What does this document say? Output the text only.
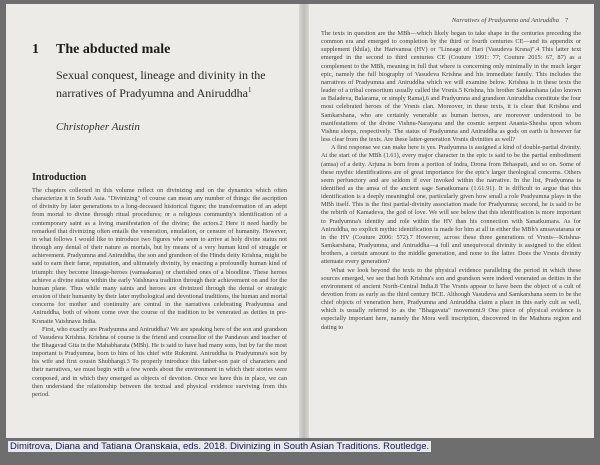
1 The abducted male

Sexual conquest, lineage and divinity in the narratives of Pradyumna and Aniruddha$^1$

Christopher Austin

Introduction

The chapters collected in this volume reflect on divinizing and on the dynamics which often characterize it in South Asia. "Divinizing" of course can mean any number of things: the ascription of divinity by later generations to a long-deceased historical figure; the transformation of an adept from mortal to divine through ritual procedures; or a religious community's identification of a contemporary saint as a living manifestation of the divine; the actors.2 Here it need hardly be remarked that divinizing often entails the veneration, emulation, or censure of humanity. However, in what follows I would like to introduce two figures who seem to arrive at holy divine status not through any denial of their nature as mortals, but by means of a very human kind of struggle or achievement. Pradyumna and Aniruddha, the son and grandson of the Hindu deity Krishna, might be said to earn their fame, reputation, and ultimately divinity, by enacting a profoundly human kind of triumph: they become lineage-heroes (vamsakaras) or cherished ones of a bloodline. These heroes achieve a divine status within the early Vaishnava tradition through their achievement on and for the human plane. Thus while many saints and heroes are divinized through the denial or strategic erosion of their humanity by their later mythological and devotional traditions, the human and mortal concerns for mother and continuity are central in the narratives celebrating Pradyumna and Aniruddha, both of whom come over the course of the tradition to be venerated as deities in pre-Krsnaite Vaishnava India.

First, who exactly are Pradyumna and Aniruddha? We are speaking here of the son and grandson of Vasudeva Krishna. Krishna of course is the friend and counsellor of the Pandavas and teacher of the Bhagavad Gita in the Mahabharata (MBh). He is said to have had many sons, but by far the most important is Pradyumna, born to him of his chief wife Rukmini. Aniruddha is Pradyumna's son by his wife and first cousin Shubhangi.3 To properly introduce this father-son pair of characters and their narratives, we must begin with a few words about the environment in which their stories were composed, and in which they emerged as objects of devotion. Once we have this in place, we can then understand the relationship between the textual and physical evidence surviving from this period.

Narratives of Pradyumna and Aniruddha 7

The texts in question are the MBh—which likely began to take shape in the centuries preceding the common era and emerged to completion by the third or fourth centuries CE—and its appendix or supplement (khila), the Harivamsa (HV) or "Lineage of Hari (Vasudeva Krsna)".4 This latter text emerged in the second to third centuries CE (Couture 1991: 77; Couture 2015: 67, 87) as a complement to the MBh, meaning in full that where is concerning only minimally in the much larger epic, namely the full biography of Vasudeva Krishna and his immediate family. This includes the narratives of Pradyumna and Aniruddha which we will examine below. Krishna is in these texts the leader of a tribal consortium usually called the Vrsnis.5 Krishna, his brother Sankarshana (also known as Baladeva, Balarama, or simply Rama),6 and Pradyumna and grandson Aniruddha constitute the four most celebrated heroes of the Vrsnis clan. Moreover, in these texts, it is clear that Krishna and Samkarshana, who are certainly venerable as human heroes, are moreover understood to be manifestations of the divine Vishnu-Narayana and the cosmic serpent Ananta-Shesha upon whom Vishnu sleeps, respectively. The status of Pradyumna and Aniruddha as gods on earth is however far less clear from the texts. Are these latter-generation Vrsnis divinities as well?

A first response we can make here is yes. Pradyumna is assigned a kind of double-partial divinity. At the start of the MBh (1.61), every major character in the epic is said to be the partial embodiment (amsa) of a deity. Arjuna is born from a portion of Indra, Drona from Brhaspati, and so on. Some of these mythic identifications are of great importance for the epic's larger theological concerns. Others seem perfunctory and are seldom if ever invoked within the narrative. In the list, Pradyumna is identified as the amsa of the ancient sage Sanatkumara (1.61.91). It is difficult to argue that this identification is a deeply meaningful one, particularly given how small a role Pradyumna plays in the MBh itself. This is the first partial-divinity association made for Pradyumna; second, he is said to be the rebirth of Kamadeva, the god of love. We will see below that this identification is more important to Pradyumna's identity and role within the HV than his connection with Sanatkumara. As for Aniruddha, no explicit mythic identification is made for him at all in either the MBh's amsavatarana or in the HV (Couture 2006: 572).7 However, across these three generations of Vrsnis—Krishna-Samkarshana, Pradyumna, and Aniruddha—a full and unequivocal divinity is assigned to the eldest brothers, a certain amount to the middle generation, and none to the latter. Does the Vrsnis divinity attenuate every generation?

What we look beyond the texts to the physical evidence paralleling the period in which these sources emerged, we see that both Krishna's son and grandson were indeed venerated as deities in the environment of ancient North-Central India.8 The Vrsnis appear to have been the object of a cult of devotion from as early as the third century BCE. Although Vasudeva and Samkarshana seem to be the chief objects of veneration here, Pradyumna and Aniruddha claim a place in this early cult as well, which is usually referred to as the "Bhagavata" movement.9 One piece of physical evidence is especially important here, namely the Mora well inscription, discovered in the Mathura region and dating to

Dimitrova, Diana and Tatiana Oranskaia, eds. 2018. Divinizing in South Asian Traditions. Routledge.
